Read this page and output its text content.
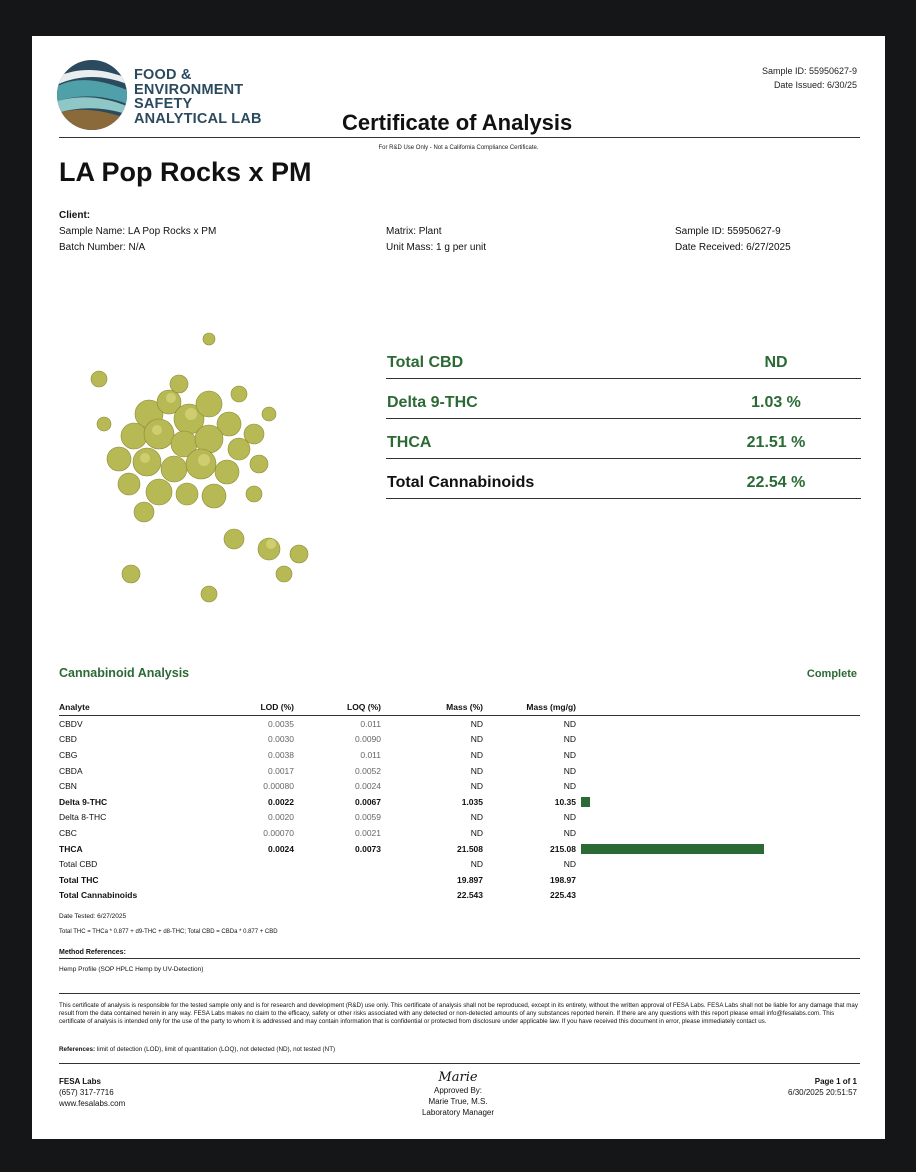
FOOD &
ENVIRONMENT
SAFETY
ANALYTICAL LAB	Certificate of Analysis
For R&D Use Only - Not a California Compliance Certificate.
Sample ID: 55950627-9
Date Issued: 6/30/25
LA Pop Rocks x PM
Client:
Sample Name: LA Pop Rocks x PM
Batch Number: N/A
Matrix: Plant
Unit Mass: 1 g per unit
Sample ID: 55950627-9
Date Received: 6/27/2025
Total CBD	ND
Delta 9-THC	1.03 %
THCA	21.51 %
Total Cannabinoids	22.54 %
Cannabinoid Analysis	Complete
Analyte	LOD (%)	LOQ (%)	Mass (%)	Mass (mg/g)	
CBDV	0.0035	0.011	ND	ND	
CBD	0.0030	0.0090	ND	ND	
CBG	0.0038	0.011	ND	ND	
CBDA	0.0017	0.0052	ND	ND	
CBN	0.00080	0.0024	ND	ND	
Delta 9-THC	0.0022	0.0067	1.035	10.35	
Delta 8-THC	0.0020	0.0059	ND	ND	
CBC	0.00070	0.0021	ND	ND	
THCA	0.0024	0.0073	21.508	215.08	
Total CBD			ND	ND	
Total THC			19.897	198.97	
Total Cannabinoids			22.543	225.43	
Date Tested: 6/27/2025
Total THC = THCa * 0.877 + d9-THC + d8-THC; Total CBD = CBDa * 0.877 + CBD
Method References:
Hemp Profile (SOP HPLC Hemp by UV-Detection)
This certificate of analysis is responsible for the tested sample only and is for research and development (R&D) use only. This certificate of analysis shall not be reproduced, except in its entirety, without the written approval of FESA Labs. FESA Labs shall not be liable for any damage that may result from the data contained herein in any way. FESA Labs makes no claim to the efficacy, safety or other risks associated with any detected or non-detected amounts of any substances reported herein. If there are any questions with this report please email info@fesalabs.com. This certificate of analysis is intended only for the use of the party to whom it is addressed and may contain information that is confidential or protected from disclosure under applicable law. If you have received this document in error, please immediately contact us.
References: limit of detection (LOD), limit of quantitation (LOQ), not detected (ND), not tested (NT)
FESA Labs
(657) 317-7716
www.fesalabs.com
Marie
Approved By:
Marie True, M.S.
Laboratory Manager
Page 1 of 1
6/30/2025 20:51:57
